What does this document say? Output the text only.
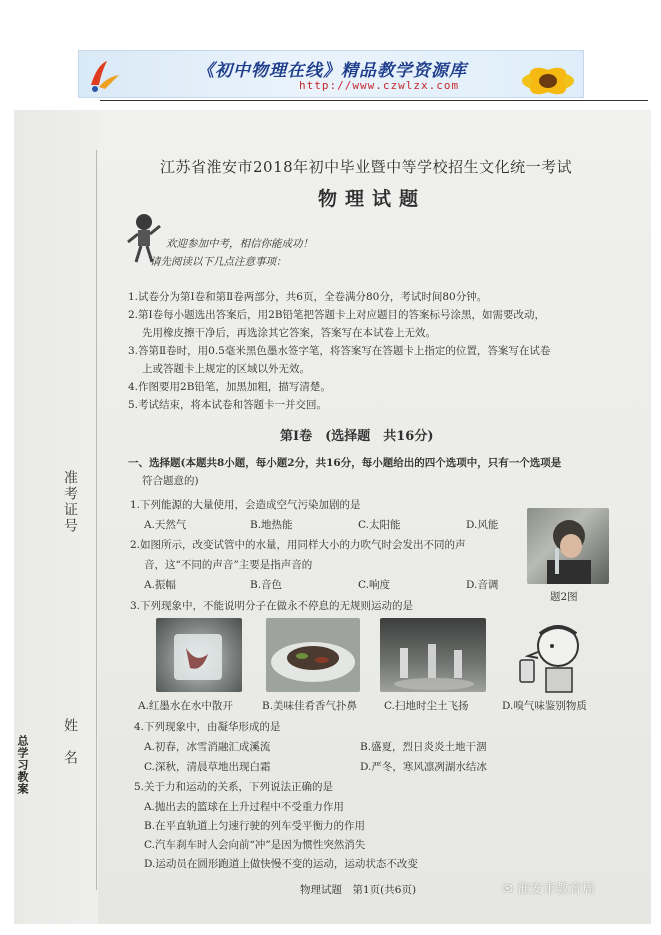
《初中物理在线》精品教学资源库
http://www.czwlzx.com
准考证号
姓　名
总学习教案
江苏省淮安市2018年初中毕业暨中等学校招生文化统一考试
物理试题
欢迎参加中考，相信你能成功！
请先阅读以下几点注意事项：
1.试卷分为第Ⅰ卷和第Ⅱ卷两部分，共6页，全卷满分80分，考试时间80分钟。
2.第Ⅰ卷每小题选出答案后，用2B铅笔把答题卡上对应题目的答案标号涂黑，如需要改动，
先用橡皮擦干净后，再选涂其它答案，答案写在本试卷上无效。
3.答第Ⅱ卷时，用0.5毫米黑色墨水签字笔，将答案写在答题卡上指定的位置，答案写在试卷
上或答题卡上规定的区域以外无效。
4.作图要用2B铅笔，加黑加粗，描写清楚。
5.考试结束，将本试卷和答题卡一并交回。
第Ⅰ卷　(选择题　共16分)
一、选择题(本题共8小题，每小题2分，共16分，每小题给出的四个选项中，只有一个选项是
符合题意的)
1.下列能源的大量使用，会造成空气污染加剧的是
A.天然气	B.地热能	C.太阳能	D.风能
2.如图所示，改变试管中的水量，用同样大小的力吹气时会发出不同的声
音，这“不同的声音”主要是指声音的
A.振幅	B.音色	C.响度	D.音调
题2图
3.下列现象中，不能说明分子在做永不停息的无规则运动的是
A.红墨水在水中散开	B.美味佳肴香气扑鼻	C.扫地时尘土飞扬	D.嗅气味鉴别物质
4.下列现象中，由凝华形成的是
A.初春，冰雪消融汇成溪流	B.盛夏，烈日炎炎土地干涸
C.深秋，清晨草地出现白霜	D.严冬，寒风凛冽湖水结冰
5.关于力和运动的关系，下列说法正确的是
A.抛出去的篮球在上升过程中不受重力作用
B.在平直轨道上匀速行驶的列车受平衡力的作用
C.汽车刹车时人会向前“冲”是因为惯性突然消失
D.运动员在圆形跑道上做快慢不变的运动，运动状态不改变
物理试题　第1页(共6页)	✉ 淮安市教育局
